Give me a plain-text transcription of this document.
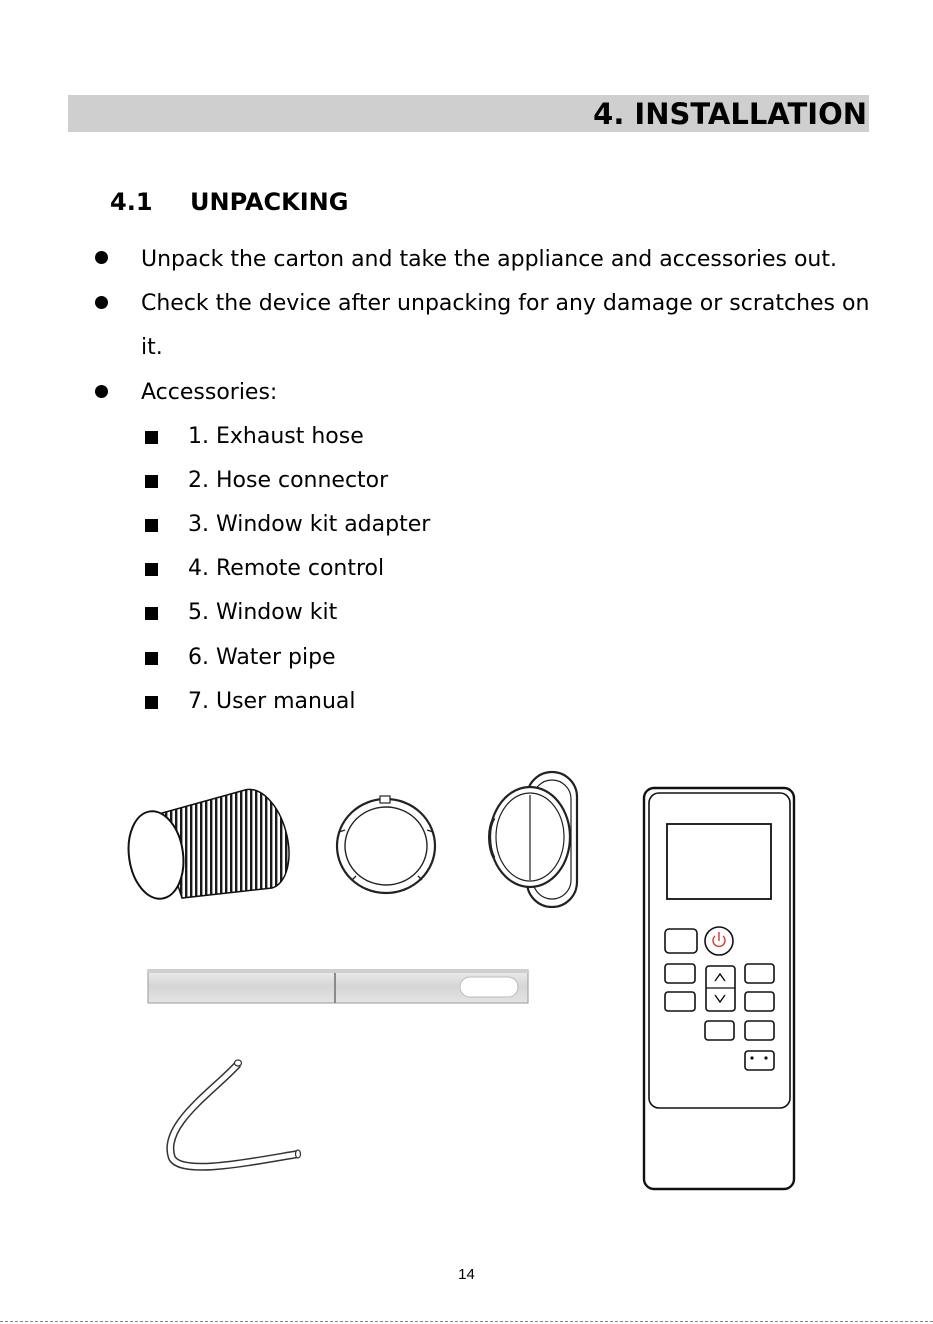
4. INSTALLATION
4.1 UNPACKING
Unpack the carton and take the appliance and accessories out.
Check the device after unpacking for any damage or scratches on
it.
Accessories:
1. Exhaust hose
2. Hose connector
3. Window kit adapter
4. Remote control
5. Window kit
6. Water pipe
7. User manual
14
